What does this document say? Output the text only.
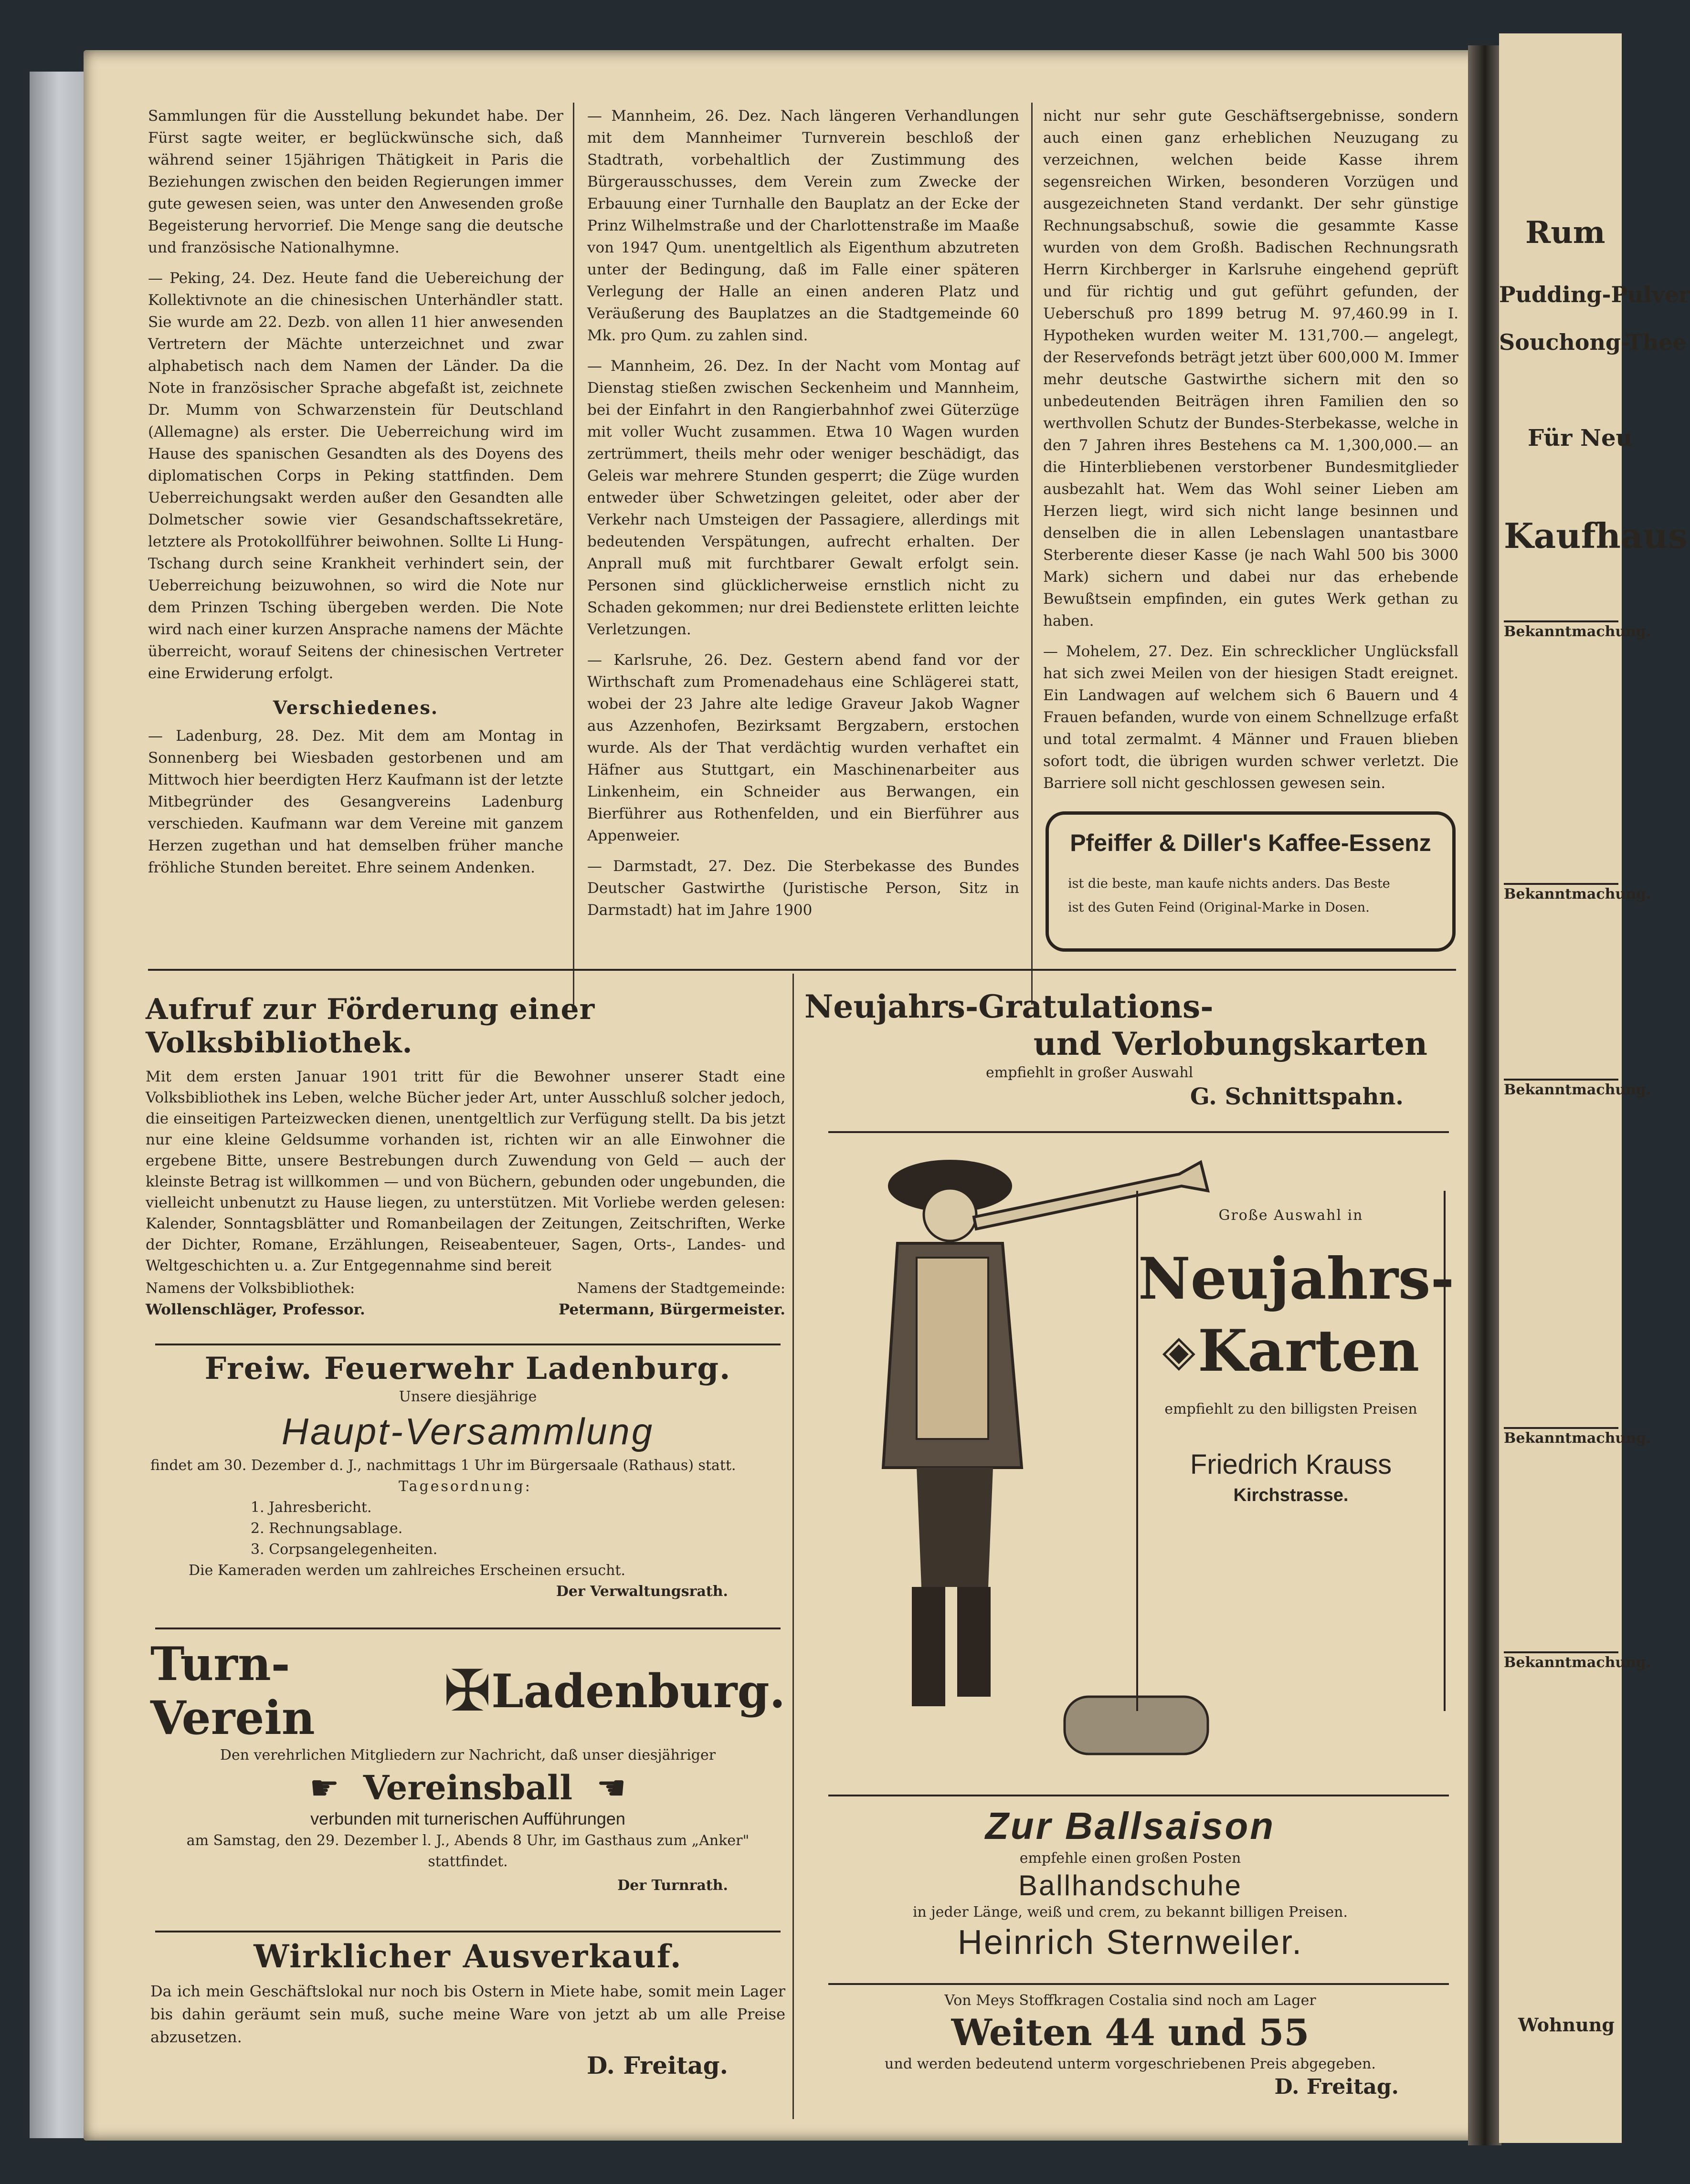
Sammlungen für die Ausstellung bekundet habe. Der Fürst sagte weiter, er beglückwünsche sich, daß während seiner 15jährigen Thätigkeit in Paris die Beziehungen zwischen den beiden Regierungen immer gute gewesen seien, was unter den Anwesenden große Begeisterung hervorrief. Die Menge sang die deutsche und französische Nationalhymne.

— Peking, 24. Dez. Heute fand die Uebereichung der Kollektivnote an die chinesischen Unterhändler statt. Sie wurde am 22. Dezb. von allen 11 hier anwesenden Vertretern der Mächte unterzeichnet und zwar alphabetisch nach dem Namen der Länder. Da die Note in französischer Sprache abgefaßt ist, zeichnete Dr. Mumm von Schwarzenstein für Deutschland (Allemagne) als erster. Die Ueberreichung wird im Hause des spanischen Gesandten als des Doyens des diplomatischen Corps in Peking stattfinden. Dem Ueberreichungsakt werden außer den Gesandten alle Dolmetscher sowie vier Gesandschaftssekretäre, letztere als Protokollführer beiwohnen. Sollte Li Hung-Tschang durch seine Krankheit verhindert sein, der Ueberreichung beizuwohnen, so wird die Note nur dem Prinzen Tsching übergeben werden. Die Note wird nach einer kurzen Ansprache namens der Mächte überreicht, worauf Seitens der chinesischen Vertreter eine Erwiderung erfolgt.

Verschiedenes.

— Ladenburg, 28. Dez. Mit dem am Montag in Sonnenberg bei Wiesbaden gestorbenen und am Mittwoch hier beerdigten Herz Kaufmann ist der letzte Mitbegründer des Gesangvereins Ladenburg verschieden. Kaufmann war dem Vereine mit ganzem Herzen zugethan und hat demselben früher manche fröhliche Stunden bereitet. Ehre seinem Andenken.

— Mannheim, 26. Dez. Nach längeren Verhandlungen mit dem Mannheimer Turnverein beschloß der Stadtrath, vorbehaltlich der Zustimmung des Bürgerausschusses, dem Verein zum Zwecke der Erbauung einer Turnhalle den Bauplatz an der Ecke der Prinz Wilhelmstraße und der Charlottenstraße im Maaße von 1947 Qum. unentgeltlich als Eigenthum abzutreten unter der Bedingung, daß im Falle einer späteren Verlegung der Halle an einen anderen Platz und Veräußerung des Bauplatzes an die Stadtgemeinde 60 Mk. pro Qum. zu zahlen sind.

— Mannheim, 26. Dez. In der Nacht vom Montag auf Dienstag stießen zwischen Seckenheim und Mannheim, bei der Einfahrt in den Rangierbahnhof zwei Güterzüge mit voller Wucht zusammen. Etwa 10 Wagen wurden zertrümmert, theils mehr oder weniger beschädigt, das Geleis war mehrere Stunden gesperrt; die Züge wurden entweder über Schwetzingen geleitet, oder aber der Verkehr nach Umsteigen der Passagiere, allerdings mit bedeutenden Verspätungen, aufrecht erhalten. Der Anprall muß mit furchtbarer Gewalt erfolgt sein. Personen sind glücklicherweise ernstlich nicht zu Schaden gekommen; nur drei Bedienstete erlitten leichte Verletzungen.

— Karlsruhe, 26. Dez. Gestern abend fand vor der Wirthschaft zum Promenadehaus eine Schlägerei statt, wobei der 23 Jahre alte ledige Graveur Jakob Wagner aus Azzenhofen, Bezirksamt Bergzabern, erstochen wurde. Als der That verdächtig wurden verhaftet ein Häfner aus Stuttgart, ein Maschinenarbeiter aus Linkenheim, ein Schneider aus Berwangen, ein Bierführer aus Rothenfelden, und ein Bierführer aus Appenweier.

— Darmstadt, 27. Dez. Die Sterbekasse des Bundes Deutscher Gastwirthe (Juristische Person, Sitz in Darmstadt) hat im Jahre 1900

nicht nur sehr gute Geschäftsergebnisse, sondern auch einen ganz erheblichen Neuzugang zu verzeichnen, welchen beide Kasse ihrem segensreichen Wirken, besonderen Vorzügen und ausgezeichneten Stand verdankt. Der sehr günstige Rechnungsabschuß, sowie die gesammte Kasse wurden von dem Großh. Badischen Rechnungsrath Herrn Kirchberger in Karlsruhe eingehend geprüft und für richtig und gut geführt gefunden, der Ueberschuß pro 1899 betrug M. 97,460.99 in I. Hypotheken wurden weiter M. 131,700.— angelegt, der Reservefonds beträgt jetzt über 600,000 M. Immer mehr deutsche Gastwirthe sichern mit den so unbedeutenden Beiträgen ihren Familien den so werthvollen Schutz der Bundes-Sterbekasse, welche in den 7 Jahren ihres Bestehens ca M. 1,300,000.— an die Hinterbliebenen verstorbener Bundesmitglieder ausbezahlt hat. Wem das Wohl seiner Lieben am Herzen liegt, wird sich nicht lange besinnen und denselben die in allen Lebenslagen unantastbare Sterberente dieser Kasse (je nach Wahl 500 bis 3000 Mark) sichern und dabei nur das erhebende Bewußtsein empfinden, ein gutes Werk gethan zu haben.

— Mohelem, 27. Dez. Ein schrecklicher Unglücksfall hat sich zwei Meilen von der hiesigen Stadt ereignet. Ein Landwagen auf welchem sich 6 Bauern und 4 Frauen befanden, wurde von einem Schnellzuge erfaßt und total zermalmt. 4 Männer und Frauen blieben sofort todt, die übrigen wurden schwer verletzt. Die Barriere soll nicht geschlossen gewesen sein.

Pfeiffer & Diller's Kaffee-Essenz
ist die beste, man kaufe nichts anders. Das Beste
ist des Guten Feind (Original-Marke in Dosen.
Aufruf zur Förderung einer Volksbibliothek.
Mit dem ersten Januar 1901 tritt für die Bewohner unserer Stadt eine Volksbibliothek ins Leben, welche Bücher jeder Art, unter Ausschluß solcher jedoch, die einseitigen Parteizwecken dienen, unentgeltlich zur Verfügung stellt. Da bis jetzt nur eine kleine Geldsumme vorhanden ist, richten wir an alle Einwohner die ergebene Bitte, unsere Bestrebungen durch Zuwendung von Geld — auch der kleinste Betrag ist willkommen — und von Büchern, gebunden oder ungebunden, die vielleicht unbenutzt zu Hause liegen, zu unterstützen. Mit Vorliebe werden gelesen: Kalender, Sonntagsblätter und Romanbeilagen der Zeitungen, Zeitschriften, Werke der Dichter, Romane, Erzählungen, Reiseabenteuer, Sagen, Orts-, Landes- und Weltgeschichten u. a. Zur Entgegennahme sind bereit
Namens der Volksbibliothek:	Namens der Stadtgemeinde:
Wollenschläger, Professor.	Petermann, Bürgermeister.
Freiw. Feuerwehr Ladenburg.
Unsere diesjährige
Haupt-Versammlung
findet am 30. Dezember d. J., nachmittags 1 Uhr im Bürgersaale (Rathaus) statt.
Tagesordnung:
1. Jahresbericht.
2. Rechnungsablage.
3. Corpsangelegenheiten.
Die Kameraden werden um zahlreiches Erscheinen ersucht.
Der Verwaltungsrath.
Turn-Verein	✠ Ladenburg.
Den verehrlichen Mitgliedern zur Nachricht, daß unser diesjähriger
☛ Vereinsball ☚
verbunden mit turnerischen Aufführungen
am Samstag, den 29. Dezember l. J., Abends 8 Uhr, im Gasthaus zum „Anker" stattfindet.
Der Turnrath.
Wirklicher Ausverkauf.
Da ich mein Geschäftslokal nur noch bis Ostern in Miete habe, somit mein Lager bis dahin geräumt sein muß, suche meine Ware von jetzt ab um alle Preise abzusetzen.
D. Freitag.
Neujahrs-Gratulations-
und Verlobungskarten
empfiehlt in großer Auswahl
G. Schnittspahn.
Große Auswahl in
Neujahrs-
◈ Karten
empfiehlt zu den billigsten Preisen
Friedrich Krauss
Kirchstrasse.
Zur Ballsaison
empfehle einen großen Posten
Ballhandschuhe
in jeder Länge, weiß und crem, zu bekannt billigen Preisen.
Heinrich Sternweiler.
Von Meys Stoffkragen Costalia sind noch am Lager
Weiten 44 und 55
und werden bedeutend unterm vorgeschriebenen Preis abgegeben.
D. Freitag.
Rum
Pudding-Pulver
Souchong-Thee
Für Neu
Kaufhaus
Bekanntmachung.
Bekanntmachung.
Bekanntmachung.
Bekanntmachung.
Bekanntmachung.
Wohnung
